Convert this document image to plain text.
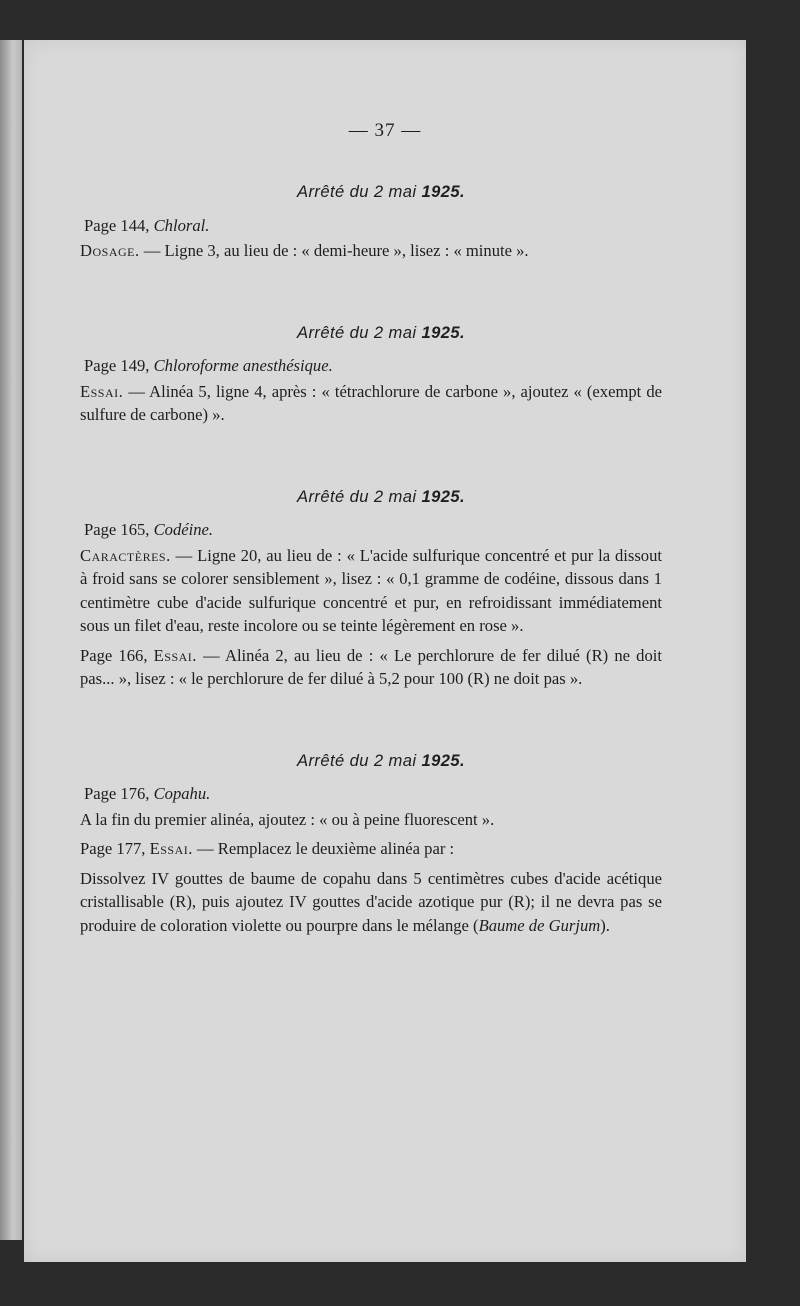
— 37 —
Arrêté du 2 mai 1925.

Page 144, Chloral.

Dosage. — Ligne 3, au lieu de : « demi-heure », lisez : « minute ».

Arrêté du 2 mai 1925.

Page 149, Chloroforme anesthésique.

Essai. — Alinéa 5, ligne 4, après : « tétrachlorure de carbone », ajoutez « (exempt de sulfure de carbone) ».

Arrêté du 2 mai 1925.

Page 165, Codéine.

Caractères. — Ligne 20, au lieu de : « L'acide sulfurique concentré et pur la dissout à froid sans se colorer sensiblement », lisez : « 0,1 gramme de codéine, dissous dans 1 centimètre cube d'acide sulfurique concentré et pur, en refroidissant immédiatement sous un filet d'eau, reste incolore ou se teinte légèrement en rose ».

Page 166, Essai. — Alinéa 2, au lieu de : « Le perchlorure de fer dilué (R) ne doit pas... », lisez : « le perchlorure de fer dilué à 5,2 pour 100 (R) ne doit pas ».

Arrêté du 2 mai 1925.

Page 176, Copahu.

A la fin du premier alinéa, ajoutez : « ou à peine fluorescent ».

Page 177, Essai. — Remplacez le deuxième alinéa par :

Dissolvez IV gouttes de baume de copahu dans 5 centimètres cubes d'acide acétique cristallisable (R), puis ajoutez IV gouttes d'acide azotique pur (R); il ne devra pas se produire de coloration violette ou pourpre dans le mélange (Baume de Gurjum).
